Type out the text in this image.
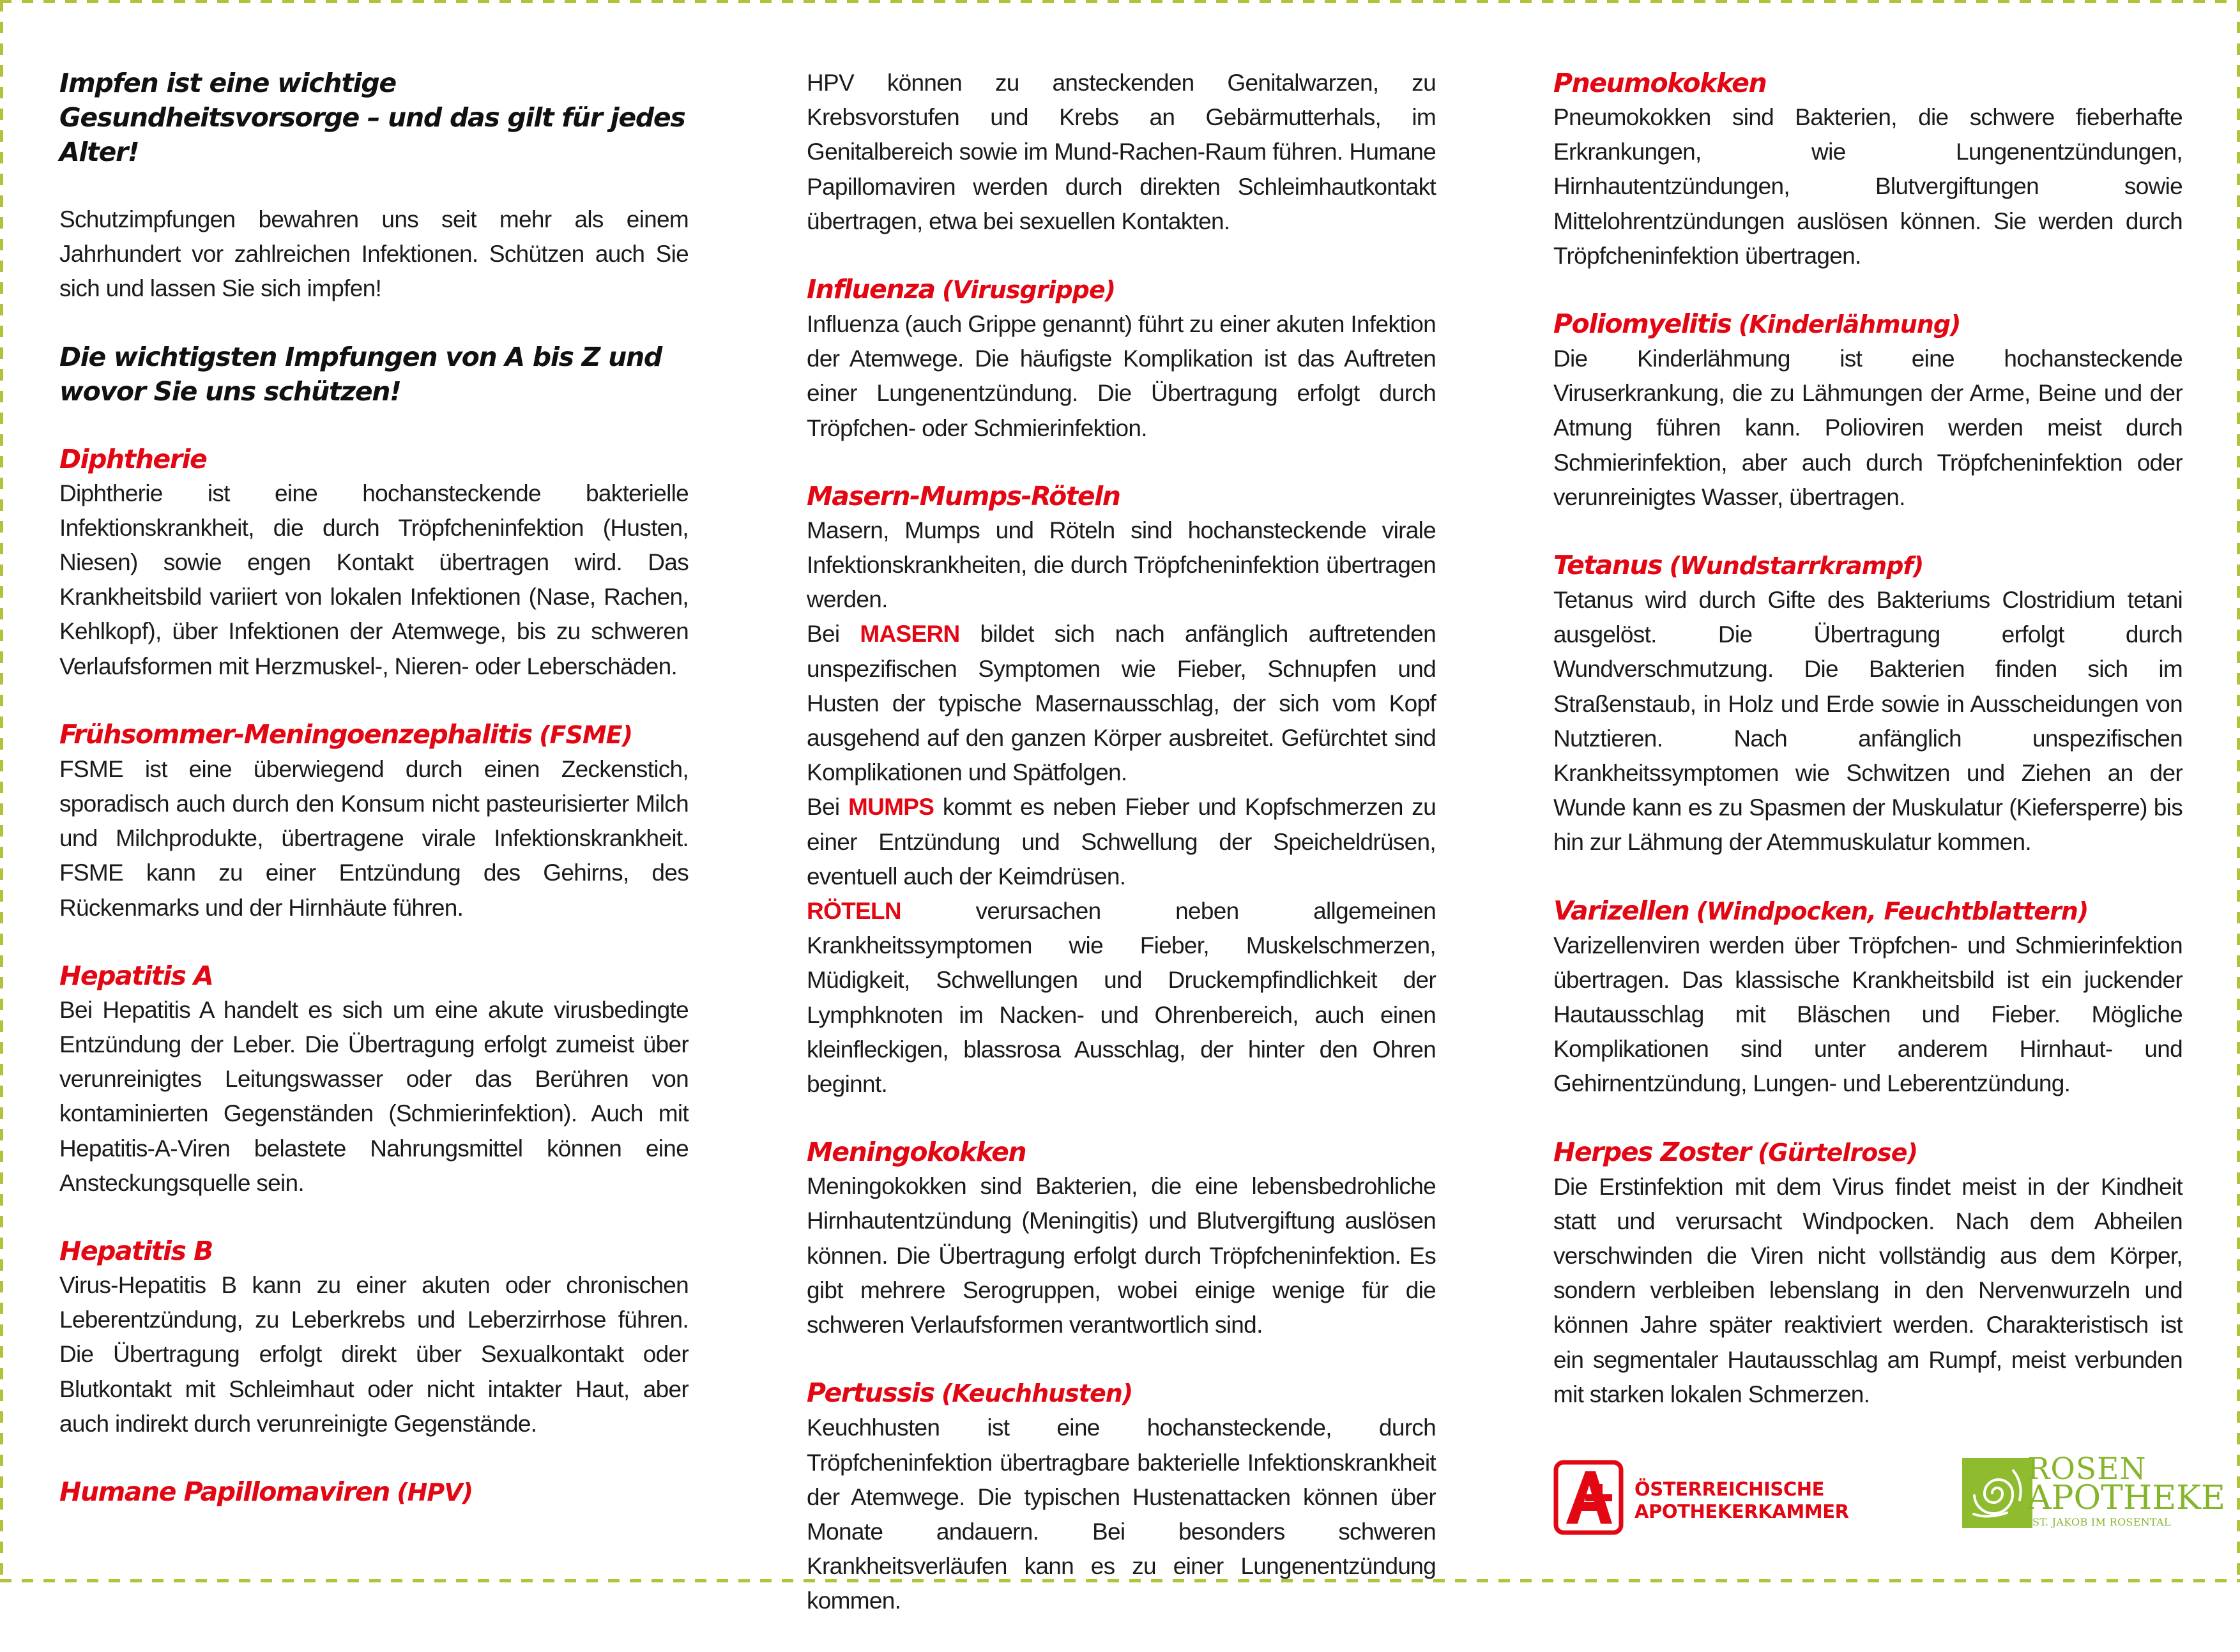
Impfen ist eine wichtige Gesundheitsvorsorge – und das gilt für jedes Alter!

Schutzimpfungen bewahren uns seit mehr als einem Jahrhundert vor zahlreichen Infektionen. Schützen auch Sie sich und lassen Sie sich impfen!

Die wichtigsten Impfungen von A bis Z und wovor Sie uns schützen!
Diphtherie

Diphtherie ist eine hochansteckende bakterielle Infektionskrankheit, die durch Tröpfcheninfektion (Husten, Niesen) sowie engen Kontakt übertragen wird. Das Krankheitsbild variiert von lokalen Infektionen (Nase, Rachen, Kehlkopf), über Infektionen der Atemwege, bis zu schweren Verlaufsformen mit Herzmuskel-, Nieren- oder Leberschäden.

Frühsommer-Meningoenzephalitis (FSME)

FSME ist eine überwiegend durch einen Zeckenstich, sporadisch auch durch den Konsum nicht pasteurisierter Milch und Milchprodukte, übertragene virale Infektionskrankheit. FSME kann zu einer Entzündung des Gehirns, des Rückenmarks und der Hirnhäute führen.

Hepatitis A

Bei Hepatitis A handelt es sich um eine akute virusbedingte Entzündung der Leber. Die Übertragung erfolgt zumeist über verunreinigtes Leitungswasser oder das Berühren von kontaminierten Gegenständen (Schmierinfektion). Auch mit Hepatitis-A-Viren belastete Nahrungsmittel können eine Ansteckungsquelle sein.

Hepatitis B

Virus-Hepatitis B kann zu einer akuten oder chronischen Leberentzündung, zu Leberkrebs und Leberzirrhose führen. Die Übertragung erfolgt direkt über Sexualkontakt oder Blutkontakt mit Schleimhaut oder nicht intakter Haut, aber auch indirekt durch verunreinigte Gegenstände.

Humane Papillomaviren (HPV)

HPV können zu ansteckenden Genitalwarzen, zu Krebsvorstufen und Krebs an Gebärmutterhals, im Genitalbereich sowie im Mund-Rachen-Raum führen. Humane Papillomaviren werden durch direkten Schleimhautkontakt übertragen, etwa bei sexuellen Kontakten.

Influenza (Virusgrippe)

Influenza (auch Grippe genannt) führt zu einer akuten Infektion der Atemwege. Die häufigste Komplikation ist das Auftreten einer Lungenentzündung. Die Übertragung erfolgt durch Tröpfchen- oder Schmierinfektion.

Masern-Mumps-Röteln

Masern, Mumps und Röteln sind hochansteckende virale Infektionskrankheiten, die durch Tröpfcheninfektion übertragen werden.

Bei MASERN bildet sich nach anfänglich auftretenden unspezifischen Symptomen wie Fieber, Schnupfen und Husten der typische Masernausschlag, der sich vom Kopf ausgehend auf den ganzen Körper ausbreitet. Gefürchtet sind Komplikationen und Spätfolgen.

Bei MUMPS kommt es neben Fieber und Kopfschmerzen zu einer Entzündung und Schwellung der Speicheldrüsen, eventuell auch der Keimdrüsen.

RÖTELN	verursachen neben allgemeinen Krankheitssymptomen wie Fieber, Muskelschmerzen, Müdigkeit, Schwellungen und Druckempfindlichkeit der Lymphknoten im Nacken- und Ohrenbereich, auch einen kleinfleckigen, blassrosa Ausschlag, der hinter den Ohren beginnt.

Meningokokken

Meningokokken sind Bakterien, die eine lebensbedrohliche Hirnhautentzündung (Meningitis) und Blutvergiftung auslösen können. Die Übertragung erfolgt durch Tröpfcheninfektion. Es gibt mehrere Serogruppen, wobei einige wenige für die schweren Verlaufsformen verantwortlich sind.

Pertussis (Keuchhusten)

Keuchhusten ist eine hochansteckende, durch Tröpfcheninfektion übertragbare bakterielle Infektionskrankheit der Atemwege. Die typischen Hustenattacken können über Monate andauern. Bei besonders schweren Krankheitsverläufen kann es zu einer Lungenentzündung kommen.

Pneumokokken

Pneumokokken sind Bakterien, die schwere fieberhafte Erkrankungen, wie Lungenentzündungen, Hirnhautentzündungen, Blutvergiftungen sowie Mittelohrentzündungen auslösen können. Sie werden durch Tröpfcheninfektion übertragen.

Poliomyelitis (Kinderlähmung)

Die Kinderlähmung ist eine hochansteckende Viruserkrankung, die zu Lähmungen der Arme, Beine und der Atmung führen kann. Polioviren werden meist durch Schmierinfektion, aber auch durch Tröpfcheninfektion oder verunreinigtes Wasser, übertragen.

Tetanus (Wundstarrkrampf)

Tetanus wird durch Gifte des Bakteriums Clostridium tetani ausgelöst. Die Übertragung erfolgt durch Wundverschmutzung. Die Bakterien finden sich im Straßenstaub, in Holz und Erde sowie in Ausscheidungen von Nutztieren. Nach anfänglich unspezifischen Krankheitssymptomen wie Schwitzen und Ziehen an der Wunde kann es zu Spasmen der Muskulatur (Kiefersperre) bis hin zur Lähmung der Atemmuskulatur kommen.

Varizellen (Windpocken, Feuchtblattern)

Varizellenviren werden über Tröpfchen- und Schmierinfektion übertragen. Das klassische Krankheitsbild ist ein juckender Hautausschlag mit Bläschen und Fieber. Mögliche Komplikationen sind unter anderem Hirnhaut- und Gehirnentzündung, Lungen- und Leberentzündung.

Herpes Zoster (Gürtelrose)

Die Erstinfektion mit dem Virus findet meist in der Kindheit statt und verursacht Windpocken. Nach dem Abheilen verschwinden die Viren nicht vollständig aus dem Körper, sondern verbleiben lebenslang in den Nervenwurzeln und können Jahre später reaktiviert werden. Charakteristisch ist ein segmentaler Hautausschlag am Rumpf, meist verbunden mit starken lokalen Schmerzen.

ÖSTERREICHISCHE
APOTHEKERKAMMER
ROSEN
APOTHEKE
ST. JAKOB IM ROSENTAL
